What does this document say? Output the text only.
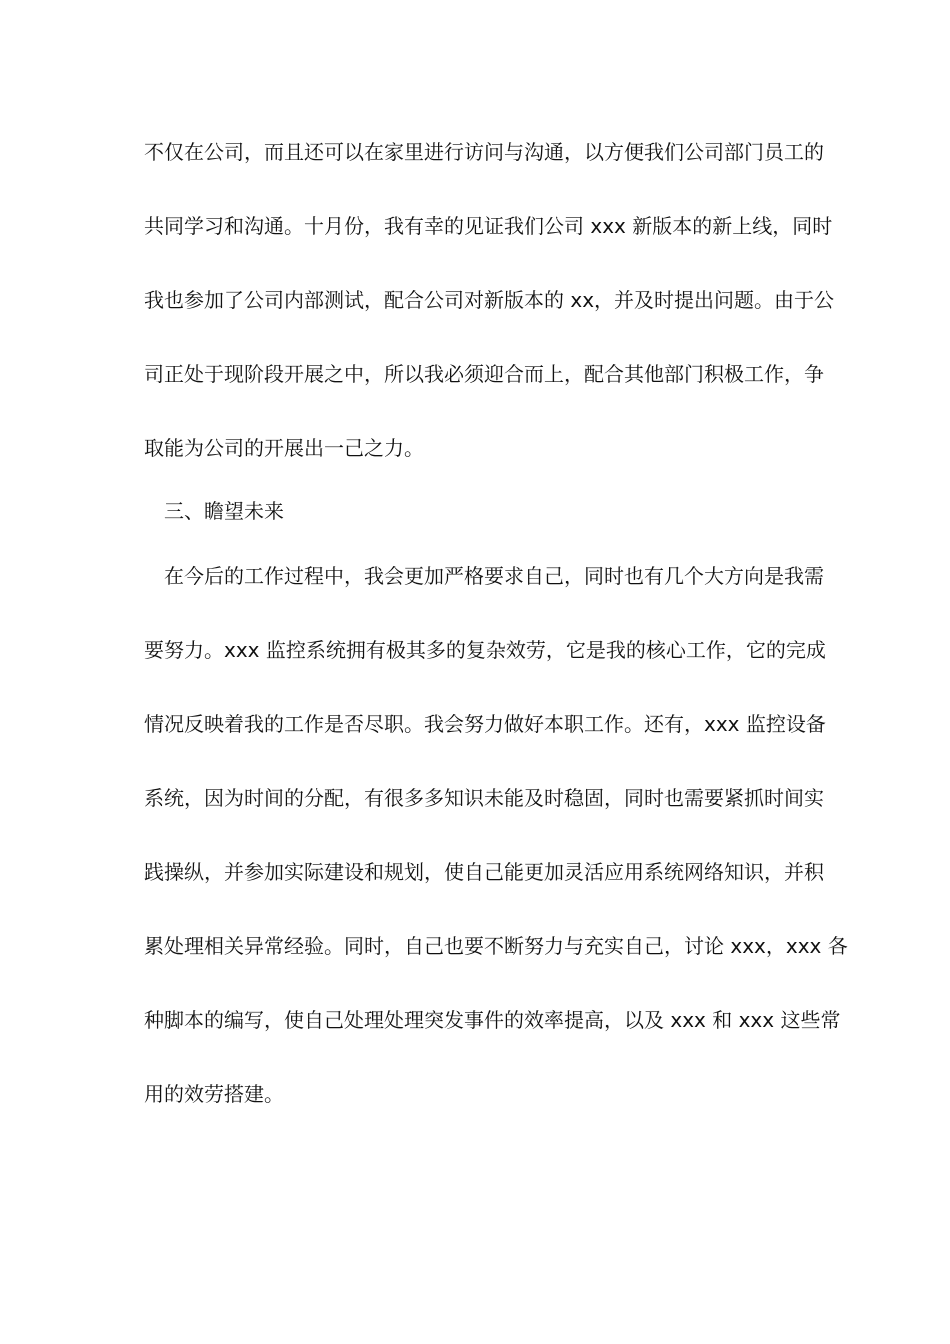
不仅在公司，而且还可以在家里进行访问与沟通，以方便我们公司部门员工的
共同学习和沟通。十月份，我有幸的见证我们公司 xxx 新版本的新上线，同时
我也参加了公司内部测试，配合公司对新版本的 xx，并及时提出问题。由于公
司正处于现阶段开展之中，所以我必须迎合而上，配合其他部门积极工作，争
取能为公司的开展出一己之力。
三、瞻望未来
在今后的工作过程中，我会更加严格要求自己，同时也有几个大方向是我需
要努力。xxx 监控系统拥有极其多的复杂效劳，它是我的核心工作，它的完成
情况反映着我的工作是否尽职。我会努力做好本职工作。还有，xxx 监控设备
系统，因为时间的分配，有很多多知识未能及时稳固，同时也需要紧抓时间实
践操纵，并参加实际建设和规划，使自己能更加灵活应用系统网络知识，并积
累处理相关异常经验。同时，自己也要不断努力与充实自己，讨论 xxx，xxx 各
种脚本的编写，使自己处理处理突发事件的效率提高，以及 xxx 和 xxx 这些常
用的效劳搭建。
